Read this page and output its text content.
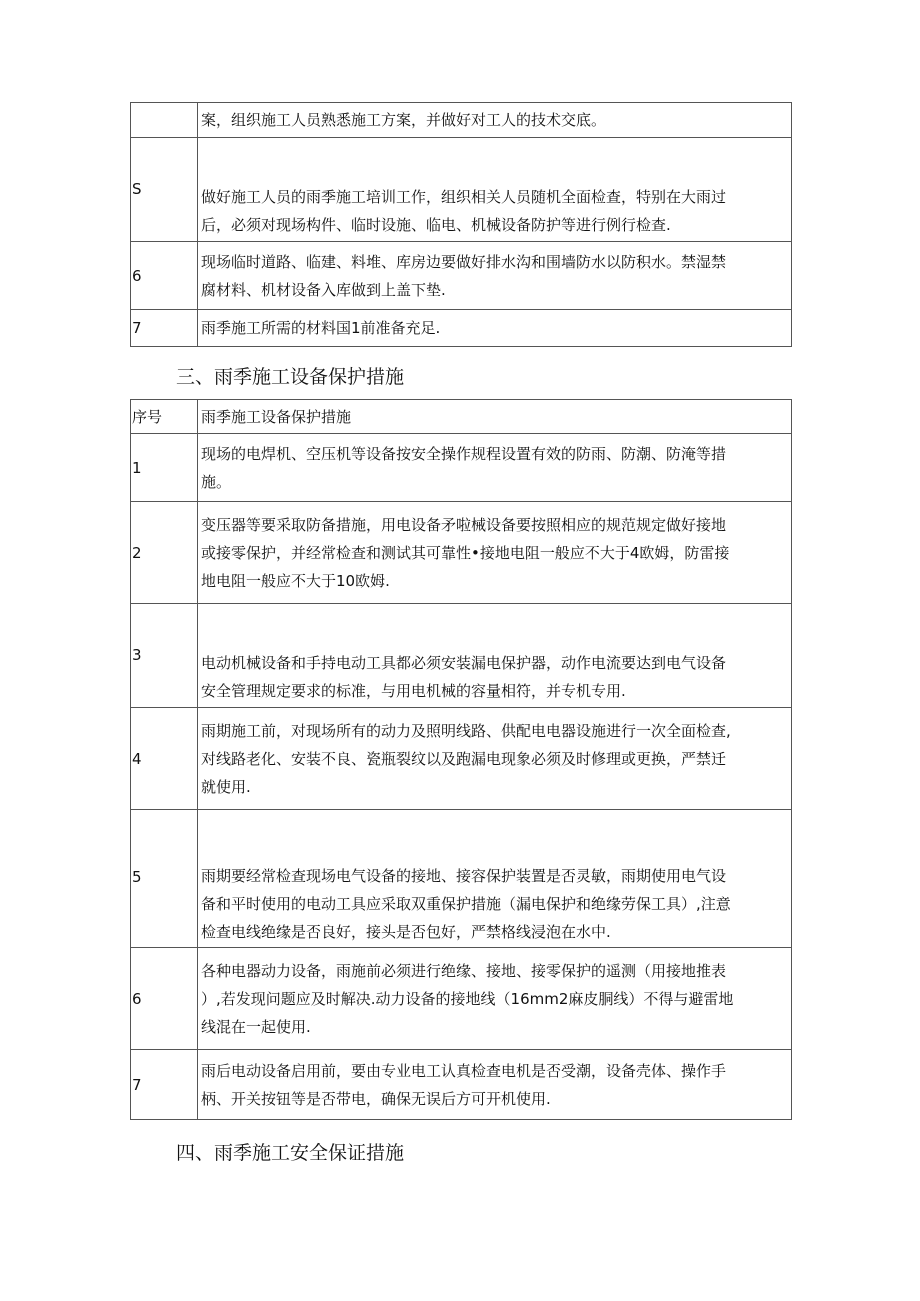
	案，组织施工人员熟悉施工方案，并做好对工人的技术交底。

S	做好施工人员的雨季施工培训工作，组织相关人员随机全面检查，特别在大雨过
后，必须对现场构件、临时设施、临电、机械设备防护等进行例行检查.

6	现场临时道路、临建、料堆、库房边要做好排水沟和围墙防水以防积水。禁湿禁
腐材料、机材设备入库做到上盖下垫.

7	雨季施工所需的材料国1前准备充足.
三、雨季施工设备保护措施
序号	雨季施工设备保护措施
1	现场的电焊机、空压机等设备按安全操作规程设置有效的防雨、防潮、防淹等措
施。

2	变压器等要采取防备措施，用电设备矛啦械设备要按照相应的规范规定做好接地
或接零保护，并经常检查和测试其可靠性•接地电阻一般应不大于4欧姆，防雷接
地电阻一般应不大于10欧姆.

3	电动机械设备和手持电动工具都必须安装漏电保护器，动作电流要达到电气设备
安全管理规定要求的标准，与用电机械的容量相符，并专机专用.

4	雨期施工前，对现场所有的动力及照明线路、供配电电器设施进行一次全面检查,
对线路老化、安装不良、瓷瓶裂纹以及跑漏电现象必须及时修理或更换，严禁迁
就使用.

5	雨期要经常检查现场电气设备的接地、接容保护装置是否灵敏，雨期使用电气设
备和平时使用的电动工具应采取双重保护措施（漏电保护和绝缘劳保工具）,注意
检查电线绝缘是否良好，接头是否包好，严禁格线浸泡在水中.

6	各种电器动力设备，雨施前必须进行绝缘、接地、接零保护的遥测（用接地推表
）,若发现问题应及时解决.动力设备的接地线（16mm2麻皮胴线）不得与避雷地
线混在一起使用.

7	雨后电动设备启用前，要由专业电工认真检查电机是否受潮，设备壳体、操作手
柄、开关按钮等是否带电，确保无误后方可开机使用.
四、雨季施工安全保证措施
